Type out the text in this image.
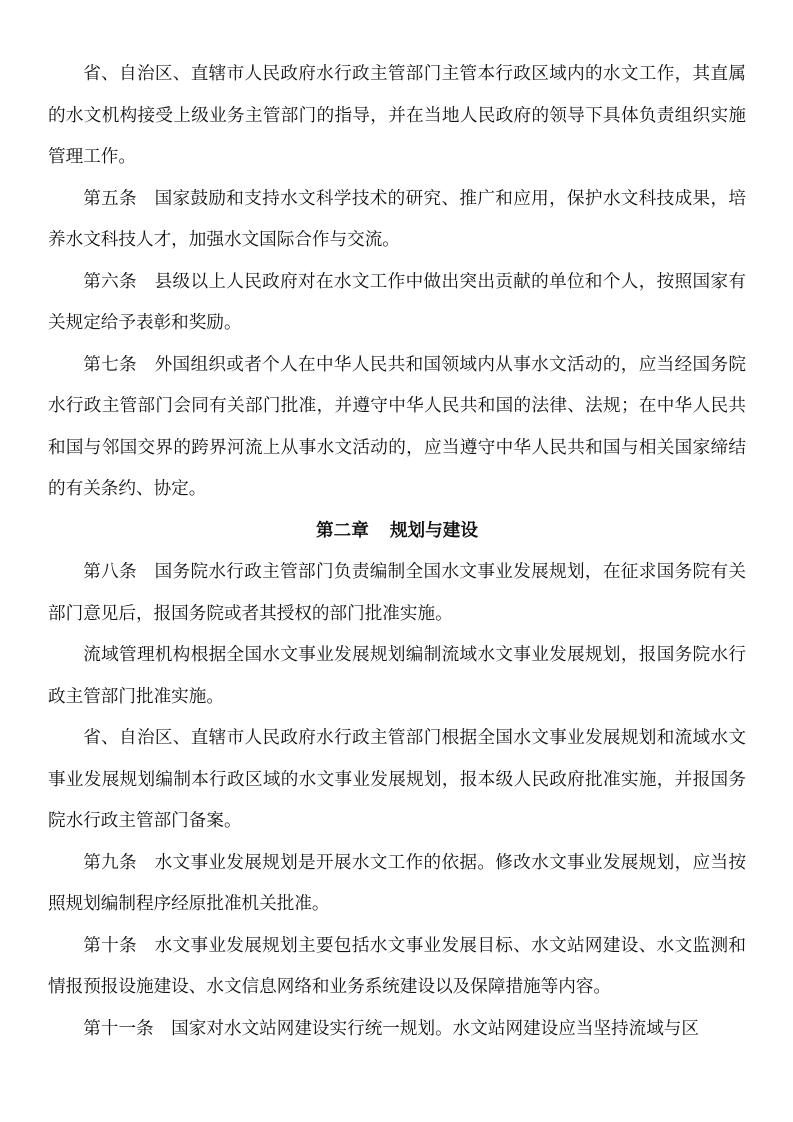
省、自治区、直辖市人民政府水行政主管部门主管本行政区域内的水文工作，其直属的水文机构接受上级业务主管部门的指导，并在当地人民政府的领导下具体负责组织实施管理工作。

第五条 国家鼓励和支持水文科学技术的研究、推广和应用，保护水文科技成果，培养水文科技人才，加强水文国际合作与交流。

第六条 县级以上人民政府对在水文工作中做出突出贡献的单位和个人，按照国家有关规定给予表彰和奖励。

第七条 外国组织或者个人在中华人民共和国领域内从事水文活动的，应当经国务院水行政主管部门会同有关部门批准，并遵守中华人民共和国的法律、法规；在中华人民共和国与邻国交界的跨界河流上从事水文活动的，应当遵守中华人民共和国与相关国家缔结的有关条约、协定。

第二章 规划与建设

第八条 国务院水行政主管部门负责编制全国水文事业发展规划，在征求国务院有关部门意见后，报国务院或者其授权的部门批准实施。

流域管理机构根据全国水文事业发展规划编制流域水文事业发展规划，报国务院水行政主管部门批准实施。

省、自治区、直辖市人民政府水行政主管部门根据全国水文事业发展规划和流域水文事业发展规划编制本行政区域的水文事业发展规划，报本级人民政府批准实施，并报国务院水行政主管部门备案。

第九条 水文事业发展规划是开展水文工作的依据。修改水文事业发展规划，应当按照规划编制程序经原批准机关批准。

第十条 水文事业发展规划主要包括水文事业发展目标、水文站网建设、水文监测和情报预报设施建设、水文信息网络和业务系统建设以及保障措施等内容。

第十一条 国家对水文站网建设实行统一规划。水文站网建设应当坚持流域与区
